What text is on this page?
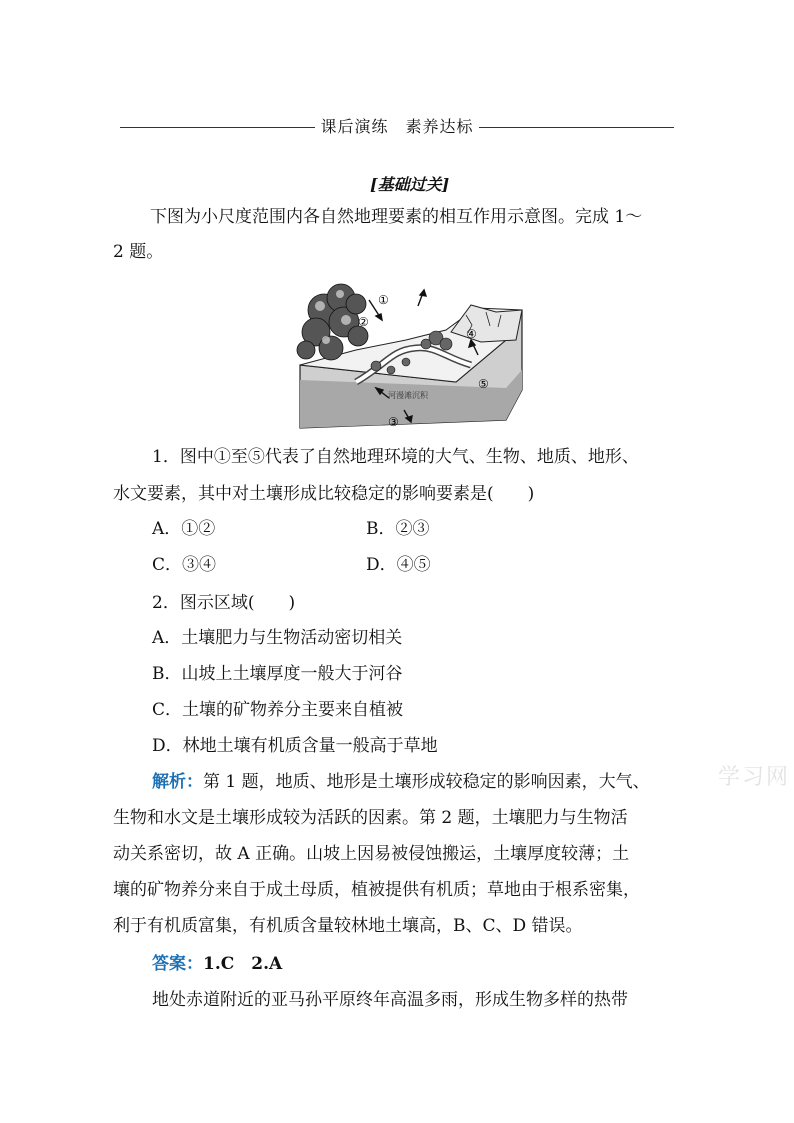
课后演练　素养达标
[基础过关]
下图为小尺度范围内各自然地理要素的相互作用示意图。完成 1～
2 题。
①
②
③
④
⑤
河漫滩沉积
1．图中①至⑤代表了自然地理环境的大气、生物、地质、地形、
水文要素，其中对土壤形成比较稳定的影响要素是(　　)
A．①②	B．②③
C．③④	D．④⑤
2．图示区域(　　)
A．土壤肥力与生物活动密切相关
B．山坡上土壤厚度一般大于河谷
C．土壤的矿物养分主要来自植被
D．林地土壤有机质含量一般高于草地
解析：第 1 题，地质、地形是土壤形成较稳定的影响因素，大气、
生物和水文是土壤形成较为活跃的因素。第 2 题，土壤肥力与生物活
动关系密切，故 A 正确。山坡上因易被侵蚀搬运，土壤厚度较薄；土
壤的矿物养分来自于成土母质，植被提供有机质；草地由于根系密集，
利于有机质富集，有机质含量较林地土壤高，B、C、D 错误。
答案：1.C 2.A
地处赤道附近的亚马孙平原终年高温多雨，形成生物多样的热带
学习网
